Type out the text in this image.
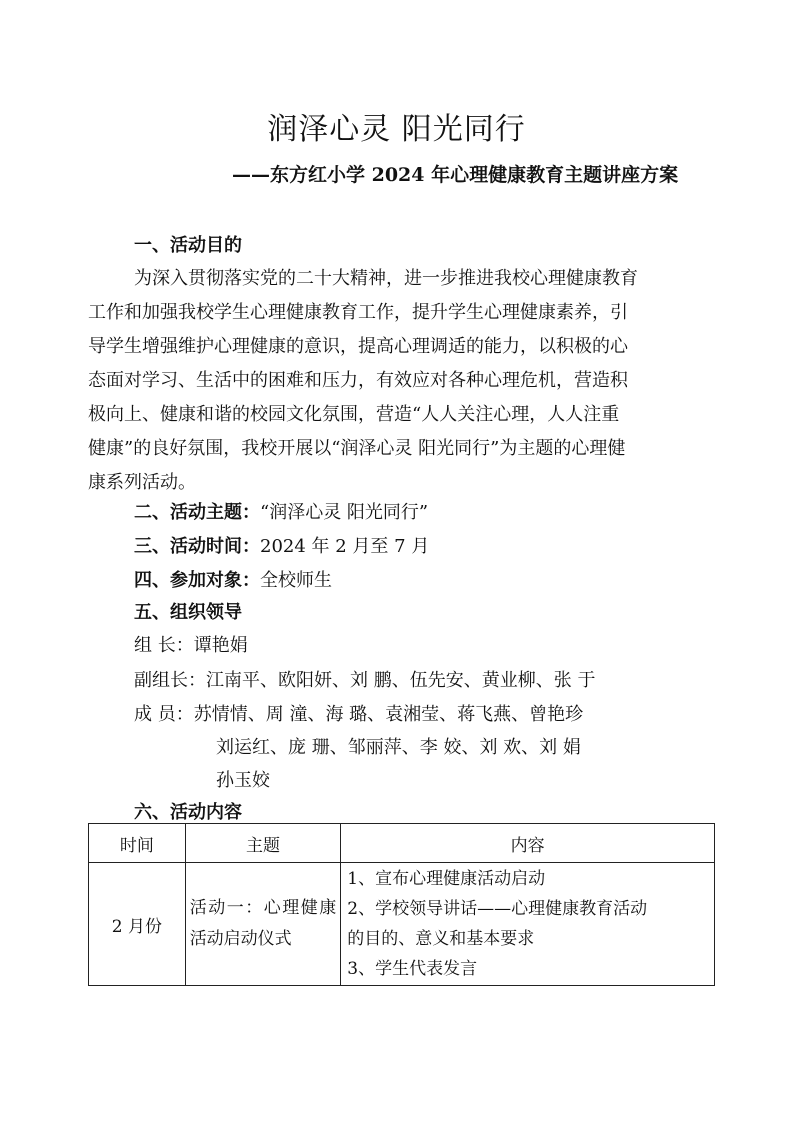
润泽心灵 阳光同行
——东方红小学 2024 年心理健康教育主题讲座方案
一、活动目的
为深入贯彻落实党的二十大精神，进一步推进我校心理健康教育
工作和加强我校学生心理健康教育工作，提升学生心理健康素养，引
导学生增强维护心理健康的意识，提高心理调适的能力，以积极的心
态面对学习、生活中的困难和压力，有效应对各种心理危机，营造积
极向上、健康和谐的校园文化氛围，营造“人人关注心理，人人注重
健康”的良好氛围，我校开展以“润泽心灵 阳光同行”为主题的心理健
康系列活动。
二、活动主题：“润泽心灵 阳光同行”
三、活动时间：2024 年 2 月至 7 月
四、参加对象：全校师生
五、组织领导
组 长：谭艳娟
副组长：江南平、欧阳妍、刘 鹏、伍先安、黄业柳、张 于
成 员：苏情情、周 潼、海 璐、袁湘莹、蒋飞燕、曾艳珍
刘运红、庞 珊、邹丽萍、李 姣、刘 欢、刘 娟
孙玉姣
六、活动内容
时间	主题	内容
2 月份	活动一：心理健康活动启动仪式	1、宣布心理健康活动启动
2、学校领导讲话——心理健康教育活动
的目的、意义和基本要求
3、学生代表发言
